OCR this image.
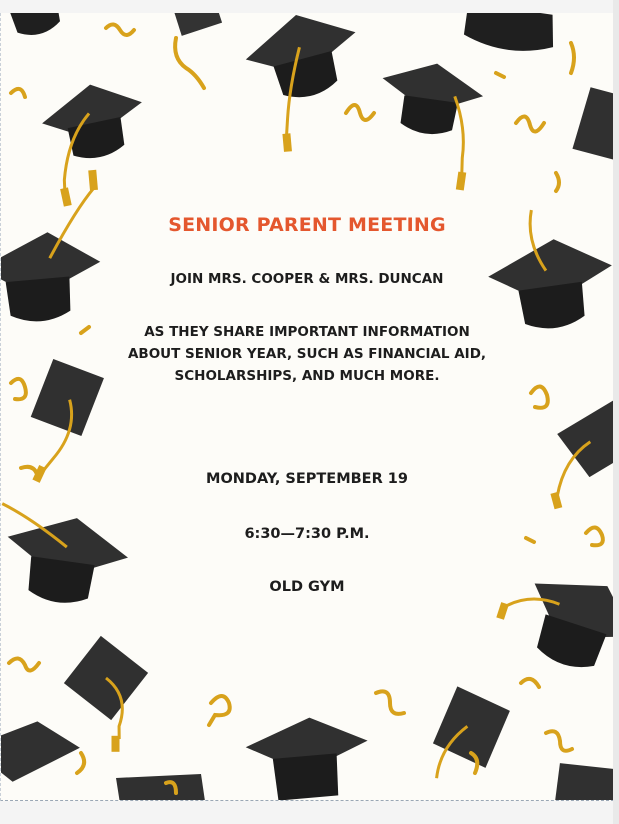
SENIOR PARENT MEETING

JOIN MRS. COOPER & MRS. DUNCAN

AS THEY SHARE IMPORTANT INFORMATION
ABOUT SENIOR YEAR, SUCH AS FINANCIAL AID,
SCHOLARSHIPS, AND MUCH MORE.

MONDAY, SEPTEMBER 19

6:30—7:30 P.M.

OLD GYM
